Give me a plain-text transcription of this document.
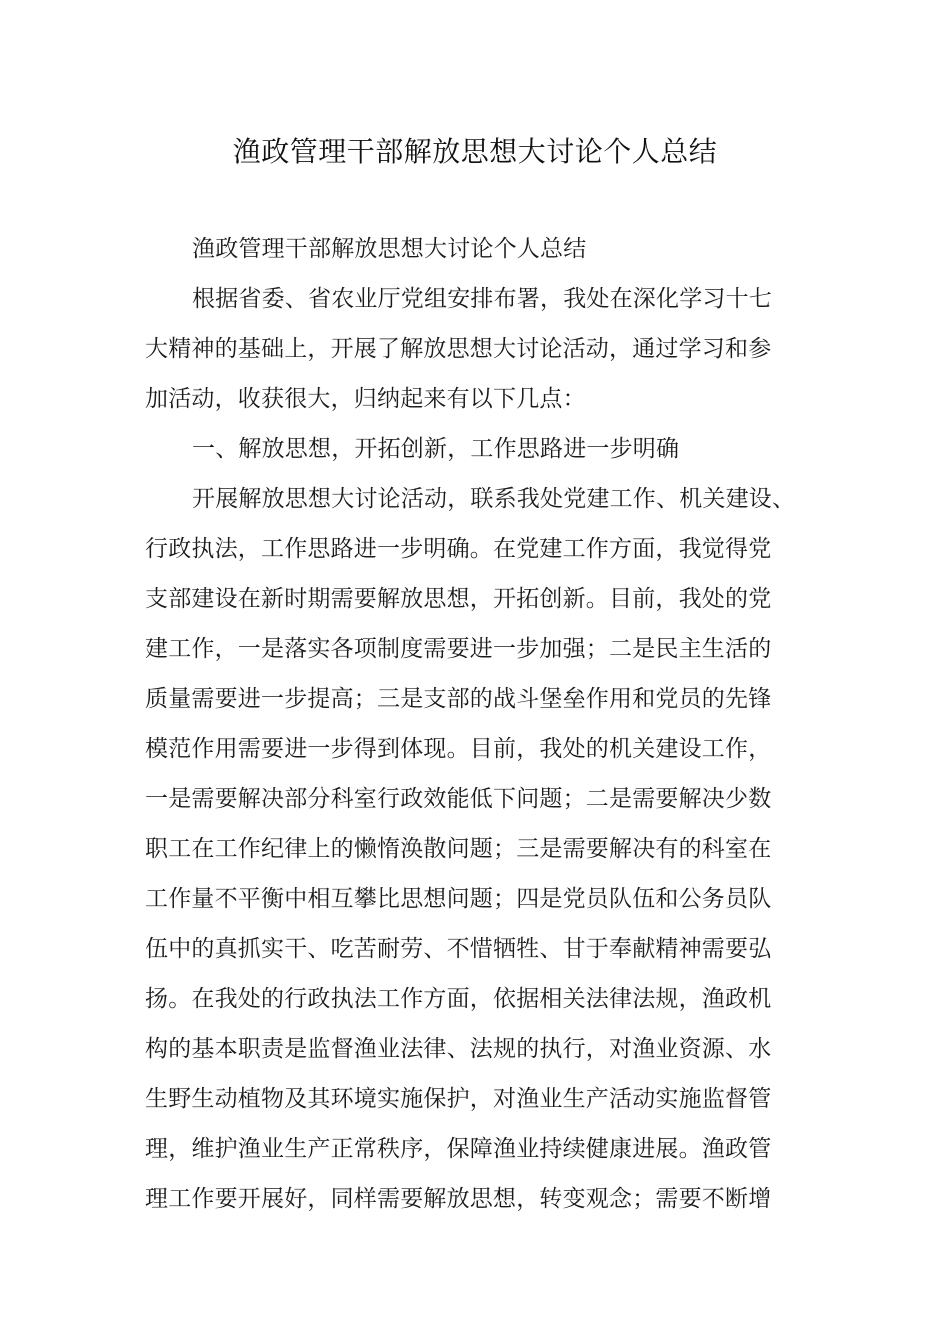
渔政管理干部解放思想大讨论个人总结
渔政管理干部解放思想大讨论个人总结
根据省委、省农业厅党组安排布署，我处在深化学习十七
大精神的基础上，开展了解放思想大讨论活动，通过学习和参
加活动，收获很大，归纳起来有以下几点：
一、解放思想，开拓创新，工作思路进一步明确
开展解放思想大讨论活动，联系我处党建工作、机关建设、
行政执法，工作思路进一步明确。在党建工作方面，我觉得党
支部建设在新时期需要解放思想，开拓创新。目前，我处的党
建工作，一是落实各项制度需要进一步加强；二是民主生活的
质量需要进一步提高；三是支部的战斗堡垒作用和党员的先锋
模范作用需要进一步得到体现。目前，我处的机关建设工作，
一是需要解决部分科室行政效能低下问题；二是需要解决少数
职工在工作纪律上的懒惰涣散问题；三是需要解决有的科室在
工作量不平衡中相互攀比思想问题；四是党员队伍和公务员队
伍中的真抓实干、吃苦耐劳、不惜牺牲、甘于奉献精神需要弘
扬。在我处的行政执法工作方面，依据相关法律法规，渔政机
构的基本职责是监督渔业法律、法规的执行，对渔业资源、水
生野生动植物及其环境实施保护，对渔业生产活动实施监督管
理，维护渔业生产正常秩序，保障渔业持续健康进展。渔政管
理工作要开展好，同样需要解放思想，转变观念；需要不断增
